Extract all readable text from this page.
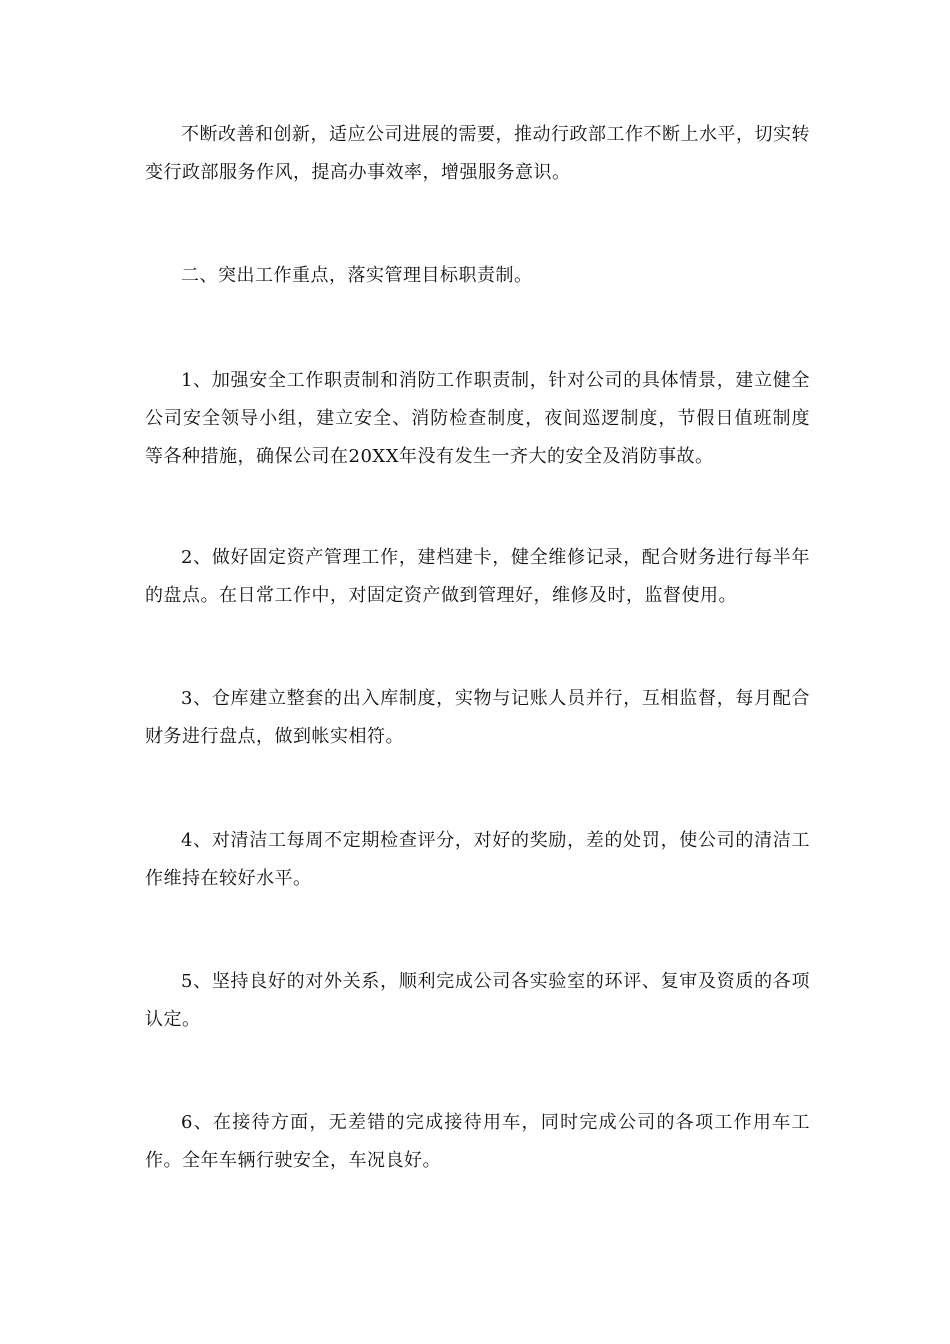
不断改善和创新，适应公司进展的需要，推动行政部工作不断上水平，切实转变行政部服务作风，提高办事效率，增强服务意识。

二、突出工作重点，落实管理目标职责制。

1、加强安全工作职责制和消防工作职责制，针对公司的具体情景，建立健全公司安全领导小组，建立安全、消防检查制度，夜间巡逻制度，节假日值班制度等各种措施，确保公司在20XX年没有发生一齐大的安全及消防事故。

2、做好固定资产管理工作，建档建卡，健全维修记录，配合财务进行每半年的盘点。在日常工作中，对固定资产做到管理好，维修及时，监督使用。

3、仓库建立整套的出入库制度，实物与记账人员并行，互相监督，每月配合财务进行盘点，做到帐实相符。

4、对清洁工每周不定期检查评分，对好的奖励，差的处罚，使公司的清洁工作维持在较好水平。

5、坚持良好的对外关系，顺利完成公司各实验室的环评、复审及资质的各项认定。

6、在接待方面，无差错的完成接待用车，同时完成公司的各项工作用车工作。全年车辆行驶安全，车况良好。
